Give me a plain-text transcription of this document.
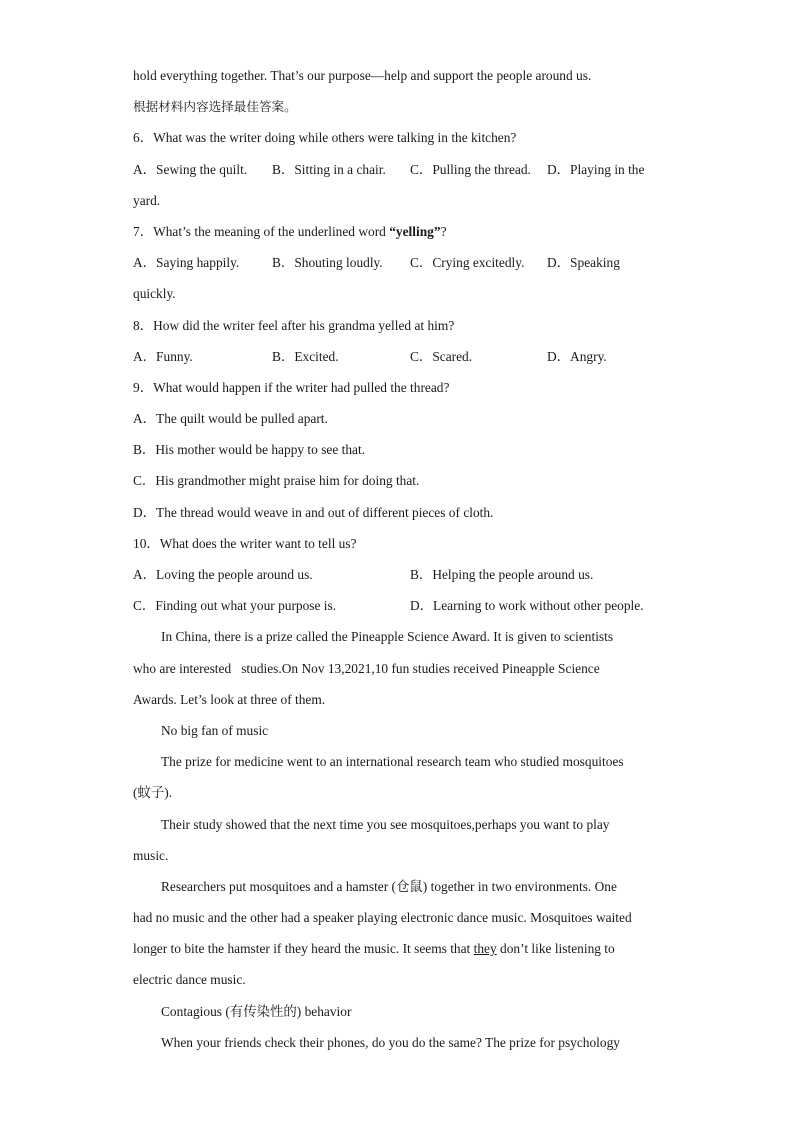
hold everything together. That’s our purpose—help and support the people around us.
根据材料内容选择最佳答案。
6．What was the writer doing while others were talking in the kitchen?
A．Sewing the quilt. B．Sitting in a chair. C．Pulling the thread. D．Playing in the
yard.
7．What’s the meaning of the underlined word “yelling”?
A．Saying happily. B．Shouting loudly. C．Crying excitedly. D．Speaking
quickly.
8．How did the writer feel after his grandma yelled at him?
A．Funny.	B．Excited.	C．Scared.	D．Angry.
9．What would happen if the writer had pulled the thread?
A．The quilt would be pulled apart.
B．His mother would be happy to see that.
C．His grandmother might praise him for doing that.
D．The thread would weave in and out of different pieces of cloth.
10．What does the writer want to tell us?
A．Loving the people around us.	B．Helping the people around us.
C．Finding out what your purpose is.	D．Learning to work without other people.
In China, there is a prize called the Pineapple Science Award. It is given to scientists
who are interested   studies.On Nov 13,2021,10 fun studies received Pineapple Science
Awards. Let’s look at three of them.
No big fan of music
The prize for medicine went to an international research team who studied mosquitoes
(蚊子).
Their study showed that the next time you see mosquitoes,perhaps you want to play
music.
Researchers put mosquitoes and a hamster (仓鼠) together in two environments. One
had no music and the other had a speaker playing electronic dance music. Mosquitoes waited
longer to bite the hamster if they heard the music. It seems that they don’t like listening to
electric dance music.
Contagious (有传染性的) behavior
When your friends check their phones, do you do the same? The prize for psychology
